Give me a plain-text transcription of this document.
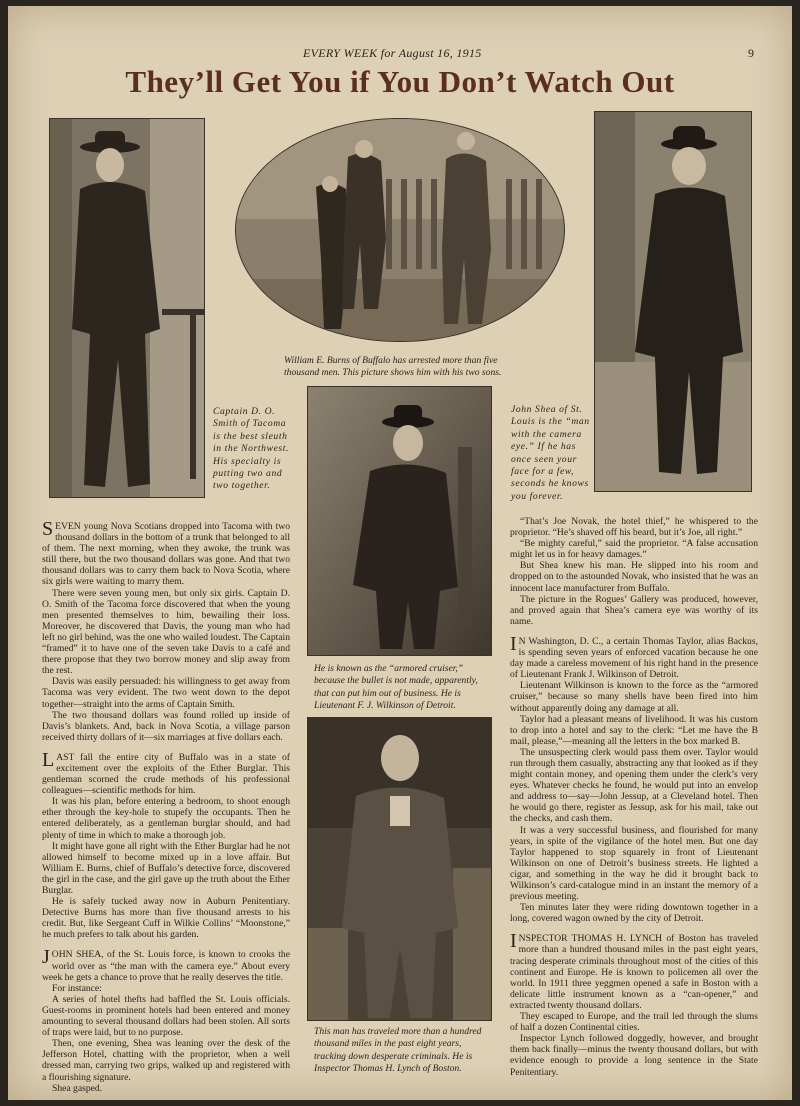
EVERY WEEK for August 16, 1915	9
They’ll Get You if You Don’t Watch Out
William E. Burns of Buffalo has arrested more than five thousand men. This picture shows him with his two sons.
Captain D. O. Smith of Tacoma is the best sleuth in the Northwest. His specialty is putting two and two together.
John Shea of St. Louis is the “man with the camera eye.” If he has once seen your face for a few, seconds he knows you forever.
He is known as the “armored cruiser,” because the bullet is not made, apparently, that can put him out of business. He is Lieutenant F. J. Wilkinson of Detroit.
This man has traveled more than a hundred thousand miles in the past eight years, tracking down desperate criminals. He is Inspector Thomas H. Lynch of Boston.

SEVEN young Nova Scotians dropped into Tacoma with two thousand dollars in the bottom of a trunk that belonged to all of them. The next morning, when they awoke, the trunk was still there, but the two thousand dollars was gone. And that two thousand dollars was to carry them back to Nova Scotia, where six girls were waiting to marry them.

There were seven young men, but only six girls. Captain D. O. Smith of the Tacoma force discovered that when the young men presented themselves to him, bewailing their loss. Moreover, he discovered that Davis, the young man who had left no girl behind, was the one who wailed loudest. The Captain “framed” it to have one of the seven take Davis to a café and there propose that they two borrow money and slip away from the rest.

Davis was easily persuaded: his willingness to get away from Tacoma was very evident. The two went down to the depot together—straight into the arms of Captain Smith.

The two thousand dollars was found rolled up inside of Davis’s blankets. And, back in Nova Scotia, a village parson received thirty dollars of it—six marriages at five dollars each.

LAST fall the entire city of Buffalo was in a state of excitement over the exploits of the Ether Burglar. This gentleman scorned the crude methods of his professional colleagues—scientific methods for him.

It was his plan, before entering a bedroom, to shoot enough ether through the key-hole to stupefy the occupants. Then he entered deliberately, as a gentleman burglar should, and had plenty of time in which to make a thorough job.

It might have gone all right with the Ether Burglar had he not allowed himself to become mixed up in a love affair. But William E. Burns, chief of Buffalo’s detective force, discovered the girl in the case, and the girl gave up the truth about the Ether Burglar.

He is safely tucked away now in Auburn Penitentiary. Detective Burns has more than five thousand arrests to his credit. But, like Sergeant Cuff in Wilkie Collins’ “Moonstone,” he much prefers to talk about his garden.

JOHN SHEA, of the St. Louis force, is known to crooks the world over as “the man with the camera eye.” About every week he gets a chance to prove that he really deserves the title.

For instance:

A series of hotel thefts had baffled the St. Louis officials. Guest-rooms in prominent hotels had been entered and money amounting to several thousand dollars had been stolen. All sorts of traps were laid, but to no purpose.

Then, one evening, Shea was leaning over the desk of the Jefferson Hotel, chatting with the proprietor, when a well dressed man, carrying two grips, walked up and registered with a flourishing signature.

Shea gasped.

“That’s Joe Novak, the hotel thief,” he whispered to the proprietor. “He’s shaved off his beard, but it’s Joe, all right.”

“Be mighty careful,” said the proprietor. “A false accusation might let us in for heavy damages.”

But Shea knew his man. He slipped into his room and dropped on to the astounded Novak, who insisted that he was an innocent lace manufacturer from Buffalo.

The picture in the Rogues’ Gallery was produced, however, and proved again that Shea’s camera eye was worthy of its name.

I N Washington, D. C., a certain Thomas Taylor, alias Backus, is spending seven years of enforced vacation because he one day made a careless movement of his right hand in the presence of Lieutenant Frank J. Wilkinson of Detroit.

Lieutenant Wilkinson is known to the force as the “armored cruiser,” because so many shells have been fired into him without apparently doing any damage at all.

Taylor had a pleasant means of livelihood. It was his custom to drop into a hotel and say to the clerk: “Let me have the B mail, please,”—meaning all the letters in the box marked B.

The unsuspecting clerk would pass them over. Taylor would run through them casually, abstracting any that looked as if they might contain money, and opening them under the clerk’s very eyes. Whatever checks he found, he would put into an envelop and address to—say—John Jessup, at a Cleveland hotel. Then he would go there, register as Jessup, ask for his mail, take out the checks, and cash them.

It was a very successful business, and flourished for many years, in spite of the vigilance of the hotel men. But one day Taylor happened to stop squarely in front of Lieutenant Wilkinson on one of Detroit’s business streets. He lighted a cigar, and something in the way he did it brought back to Wilkinson’s card-catalogue mind in an instant the memory of a previous meeting.

Ten minutes later they were riding downtown together in a long, covered wagon owned by the city of Detroit.

INSPECTOR THOMAS H. LYNCH of Boston has traveled more than a hundred thousand miles in the past eight years, tracing desperate criminals throughout most of the cities of this continent and Europe. He is known to policemen all over the world. In 1911 three yeggmen opened a safe in Boston with a delicate little instrument known as a “can-opener,” and extracted twenty thousand dollars.

They escaped to Europe, and the trail led through the slums of half a dozen Continental cities.

Inspector Lynch followed doggedly, however, and brought them back finally—minus the twenty thousand dollars, but with evidence enough to provide a long sentence in the State Penitentiary.
